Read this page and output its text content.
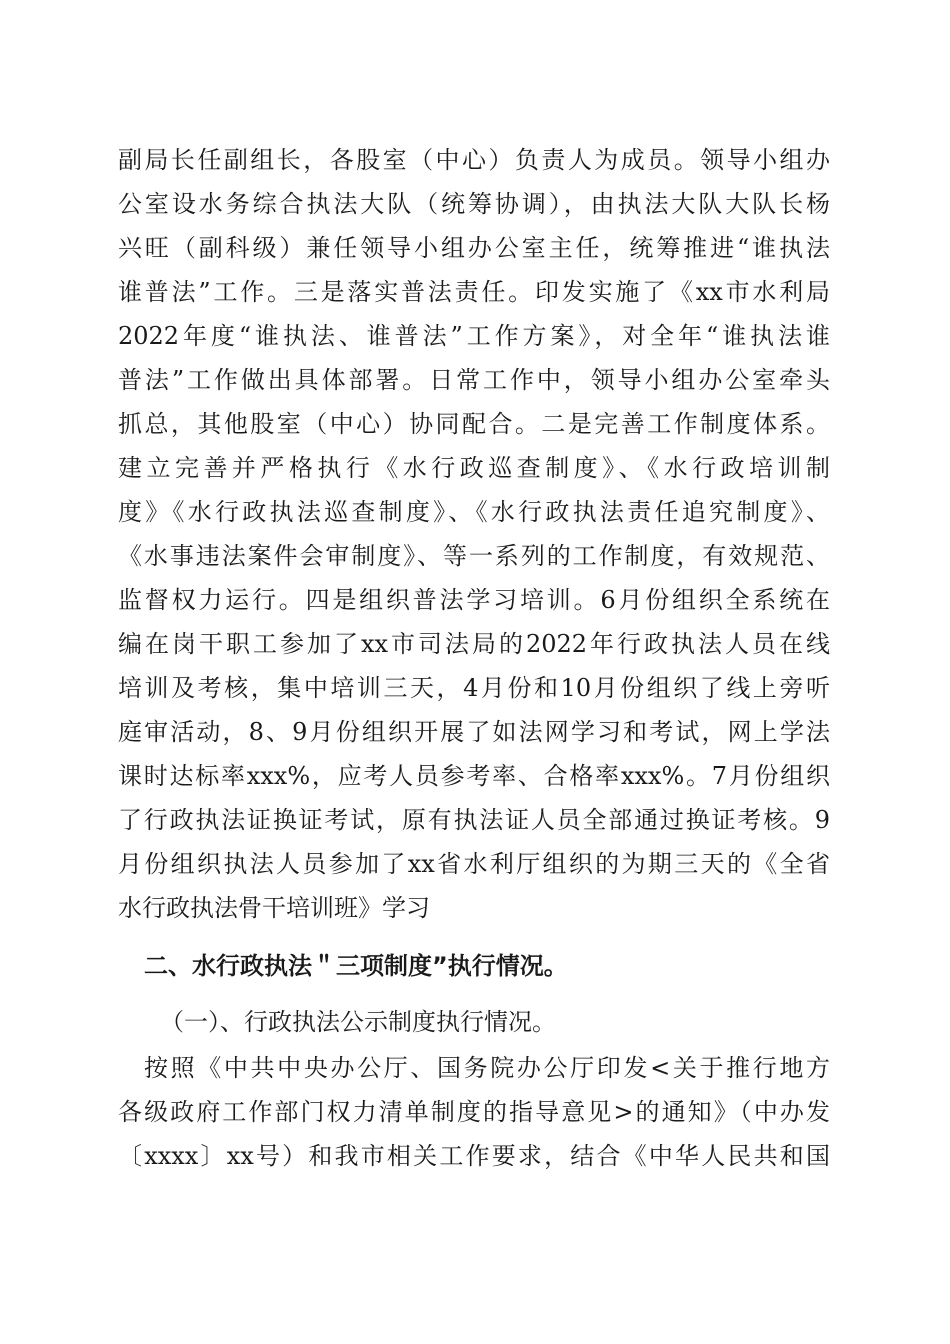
副局长任副组长，各股室（中心）负责人为成员。领导小组办
公室设水务综合执法大队（统筹协调），由执法大队大队长杨
兴旺（副科级）兼任领导小组办公室主任，统筹推进“谁执法
谁普法”工作。三是落实普法责任。印发实施了《xx市水利局
2022年度“谁执法、谁普法”工作方案》，对全年“谁执法谁
普法”工作做出具体部署。日常工作中，领导小组办公室牵头
抓总，其他股室（中心）协同配合。二是完善工作制度体系。
建立完善并严格执行《水行政巡查制度》、《水行政培训制
度》《水行政执法巡查制度》、《水行政执法责任追究制度》、
《水事违法案件会审制度》、等一系列的工作制度，有效规范、
监督权力运行。四是组织普法学习培训。6月份组织全系统在
编在岗干职工参加了xx市司法局的2022年行政执法人员在线
培训及考核，集中培训三天，4月份和10月份组织了线上旁听
庭审活动，8、9月份组织开展了如法网学习和考试，网上学法
课时达标率xxx%，应考人员参考率、合格率xxx%。7月份组织
了行政执法证换证考试，原有执法证人员全部通过换证考核。9
月份组织执法人员参加了xx省水利厅组织的为期三天的《全省
水行政执法骨干培训班》学习
二、水行政执法＂三项制度”执行情况。
（一）、行政执法公示制度执行情况。
按照《中共中央办公厅、国务院办公厅印发<关于推行地方
各级政府工作部门权力清单制度的指导意见>的通知》（中办发
〔xxxx〕xx号）和我市相关工作要求，结合《中华人民共和国
